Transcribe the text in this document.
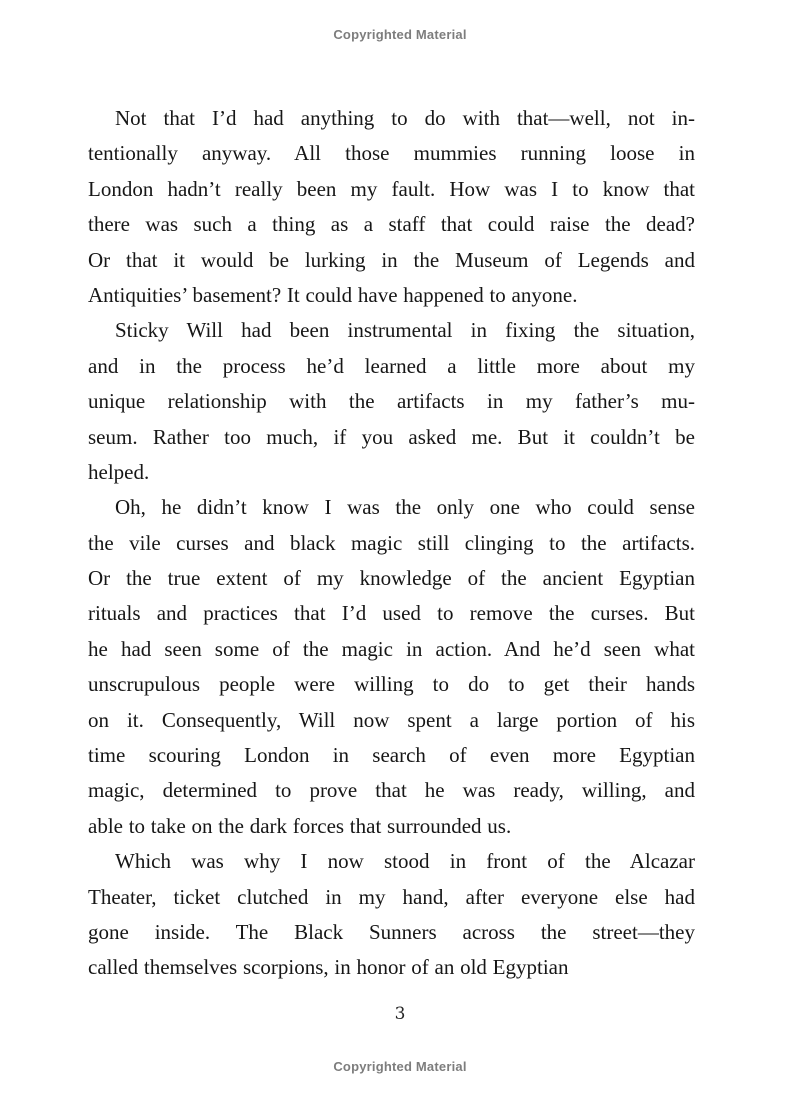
Copyrighted Material
Not that I’d had anything to do with that—well, not in-
tentionally anyway. All those mummies running loose in
London hadn’t really been my fault. How was I to know that
there was such a thing as a staff that could raise the dead?
Or that it would be lurking in the Museum of Legends and
Antiquities’ basement? It could have happened to anyone.
Sticky Will had been instrumental in fixing the situation,
and in the process he’d learned a little more about my
unique relationship with the artifacts in my father’s mu-
seum. Rather too much, if you asked me. But it couldn’t be
helped.
Oh, he didn’t know I was the only one who could sense
the vile curses and black magic still clinging to the artifacts.
Or the true extent of my knowledge of the ancient Egyptian
rituals and practices that I’d used to remove the curses. But
he had seen some of the magic in action. And he’d seen what
unscrupulous people were willing to do to get their hands
on it. Consequently, Will now spent a large portion of his
time scouring London in search of even more Egyptian
magic, determined to prove that he was ready, willing, and
able to take on the dark forces that surrounded us.
Which was why I now stood in front of the Alcazar
Theater, ticket clutched in my hand, after everyone else had
gone inside. The Black Sunners across the street—they
called themselves scorpions, in honor of an old Egyptian
3
Copyrighted Material
